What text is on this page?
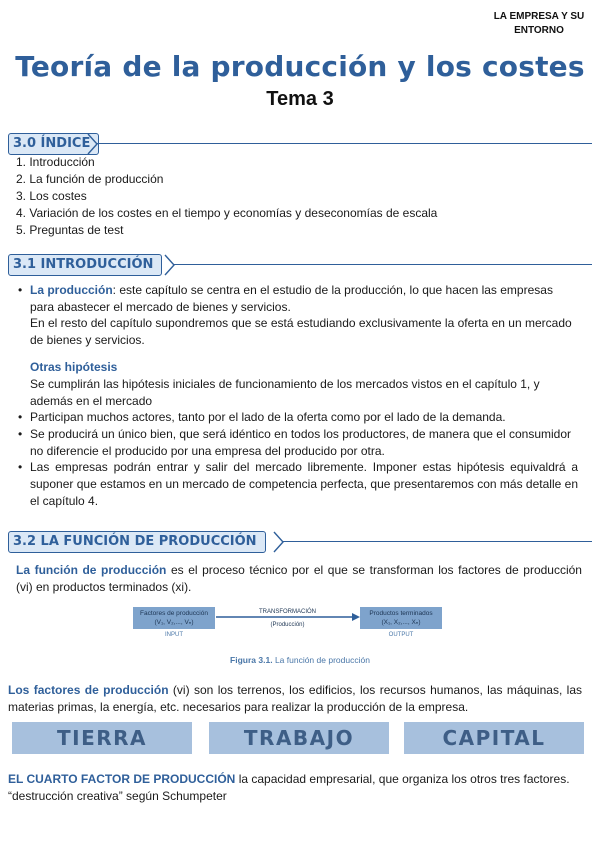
LA EMPRESA Y SU
ENTORNO
Teoría de la producción y los costes
Tema 3
3.0 ÍNDICE
1. Introducción
2. La función de producción
3. Los costes
4. Variación de los costes en el tiempo y economías y deseconomías de escala
5. Preguntas de test
3.1 INTRODUCCIÓN
• La producción: este capítulo se centra en el estudio de la producción, lo que hacen las empresas para abastecer el mercado de bienes y servicios.
En el resto del capítulo supondremos que se está estudiando exclusivamente la oferta en un mercado de bienes y servicios.
Otras hipótesis
Se cumplirán las hipótesis iniciales de funcionamiento de los mercados vistos en el capítulo 1, y además en el mercado
• Participan muchos actores, tanto por el lado de la oferta como por el lado de la demanda.
• Se producirá un único bien, que será idéntico en todos los productores, de manera que el consumidor no diferencie el producido por una empresa del producido por otra.
• Las empresas podrán entrar y salir del mercado libremente. Imponer estas hipótesis equivaldrá a suponer que estamos en un mercado de competencia perfecta, que presentaremos con más detalle en el capítulo 4.
3.2 LA FUNCIÓN DE PRODUCCIÓN
La función de producción es el proceso técnico por el que se transforman los factores de producción (vi) en productos terminados (xi).
Factores de producción
(V₁, V₂,..., Vₙ)
INPUT
TRANSFORMACIÓN
(Producción)
Productos terminados
(X₁, X₂,..., Xₙ)
OUTPUT
Figura 3.1. La función de producción
Los factores de producción (vi) son los terrenos, los edificios, los recursos humanos, las máquinas, las materias primas, la energía, etc. necesarios para realizar la producción de la empresa.
TIERRA	TRABAJO	CAPITAL
EL CUARTO FACTOR DE PRODUCCIÓN la capacidad empresarial, que organiza los otros tres factores.
“destrucción creativa” según Schumpeter
